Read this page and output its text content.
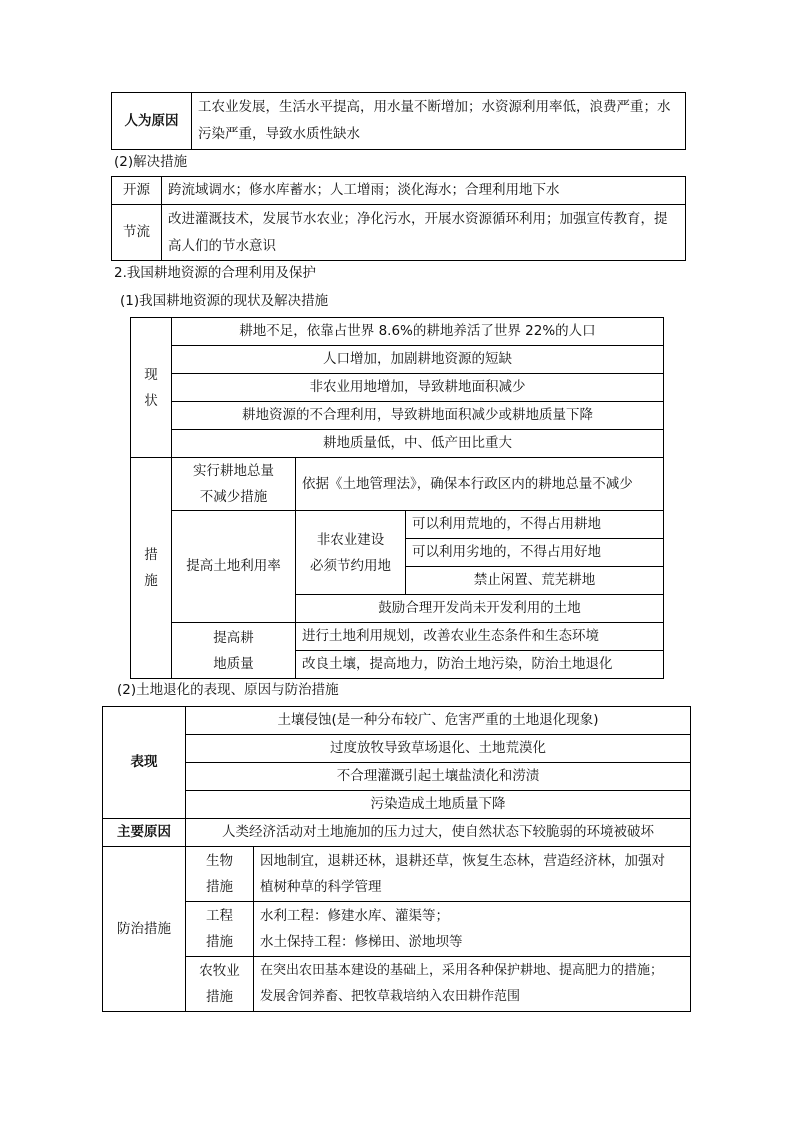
人为原因	工农业发展，生活水平提高，用水量不断增加；水资源利用率低，浪费严重；水污染严重，导致水质性缺水
(2)解决措施
开源	跨流域调水；修水库蓄水；人工增雨；淡化海水；合理利用地下水
节流	改进灌溉技术，发展节水农业；净化污水，开展水资源循环利用；加强宣传教育，提高人们的节水意识
2.我国耕地资源的合理利用及保护
(1)我国耕地资源的现状及解决措施
现
状	耕地不足，依靠占世界 8.6%的耕地养活了世界 22%的人口		
	人口增加，加剧耕地资源的短缺		
	非农业用地增加，导致耕地面积减少		
	耕地资源的不合理利用，导致耕地面积减少或耕地质量下降		
	耕地质量低，中、低产田比重大		
措
施	实行耕地总量
不减少措施	依据《土地管理法》，确保本行政区内的耕地总量不减少	
	提高土地利用率	非农业建设
必须节约用地	可以利用荒地的，不得占用耕地
			可以利用劣地的，不得占用好地
			禁止闲置、荒芜耕地
		鼓励合理开发尚未开发利用的土地	
	提高耕
地质量	进行土地利用规划，改善农业生态条件和生态环境	
		改良土壤，提高地力，防治土地污染，防治土地退化	
(2)土地退化的表现、原因与防治措施
表现	土壤侵蚀(是一种分布较广、危害严重的土地退化现象)	
	过度放牧导致草场退化、土地荒漠化	
	不合理灌溉引起土壤盐渍化和涝渍	
	污染造成土地质量下降	
主要原因	人类经济活动对土地施加的压力过大，使自然状态下较脆弱的环境被破坏	
防治措施	生物
措施	因地制宜，退耕还林，退耕还草，恢复生态林，营造经济林，加强对
植树种草的科学管理
	工程
措施	水利工程：修建水库、灌渠等；
水土保持工程：修梯田、淤地坝等
	农牧业
措施	在突出农田基本建设的基础上，采用各种保护耕地、提高肥力的措施；
发展舍饲养畜、把牧草栽培纳入农田耕作范围
